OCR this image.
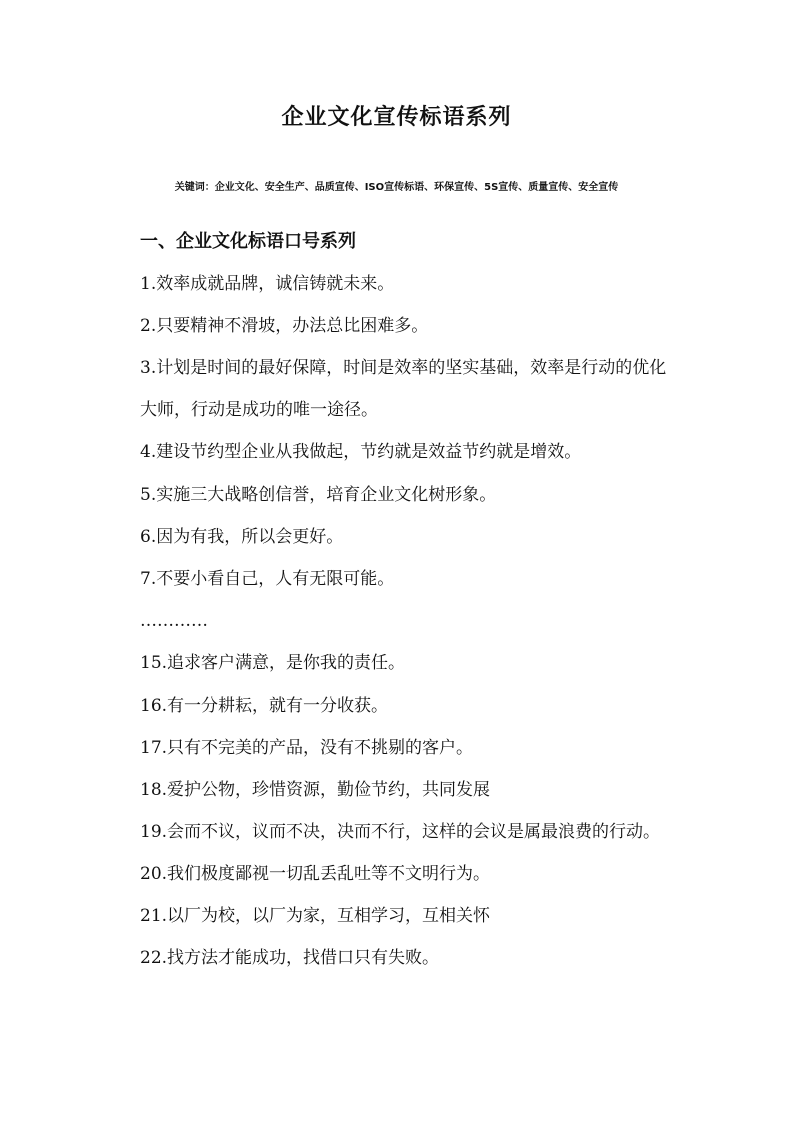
企业文化宣传标语系列
关键词：企业文化、安全生产、品质宣传、ISO宣传标语、环保宣传、5S宣传、质量宣传、安全宣传
一、企业文化标语口号系列
1.效率成就品牌，诚信铸就未来。
2.只要精神不滑坡，办法总比困难多。
3.计划是时间的最好保障，时间是效率的坚实基础，效率是行动的优化大师，行动是成功的唯一途径。
4.建设节约型企业从我做起，节约就是效益节约就是增效。
5.实施三大战略创信誉，培育企业文化树形象。
6.因为有我，所以会更好。
7.不要小看自己，人有无限可能。
…………
15.追求客户满意，是你我的责任。
16.有一分耕耘，就有一分收获。
17.只有不完美的产品，没有不挑剔的客户。
18.爱护公物，珍惜资源，勤俭节约，共同发展
19.会而不议，议而不决，决而不行，这样的会议是属最浪费的行动。
20.我们极度鄙视一切乱丢乱吐等不文明行为。
21.以厂为校，以厂为家，互相学习，互相关怀
22.找方法才能成功，找借口只有失败。
